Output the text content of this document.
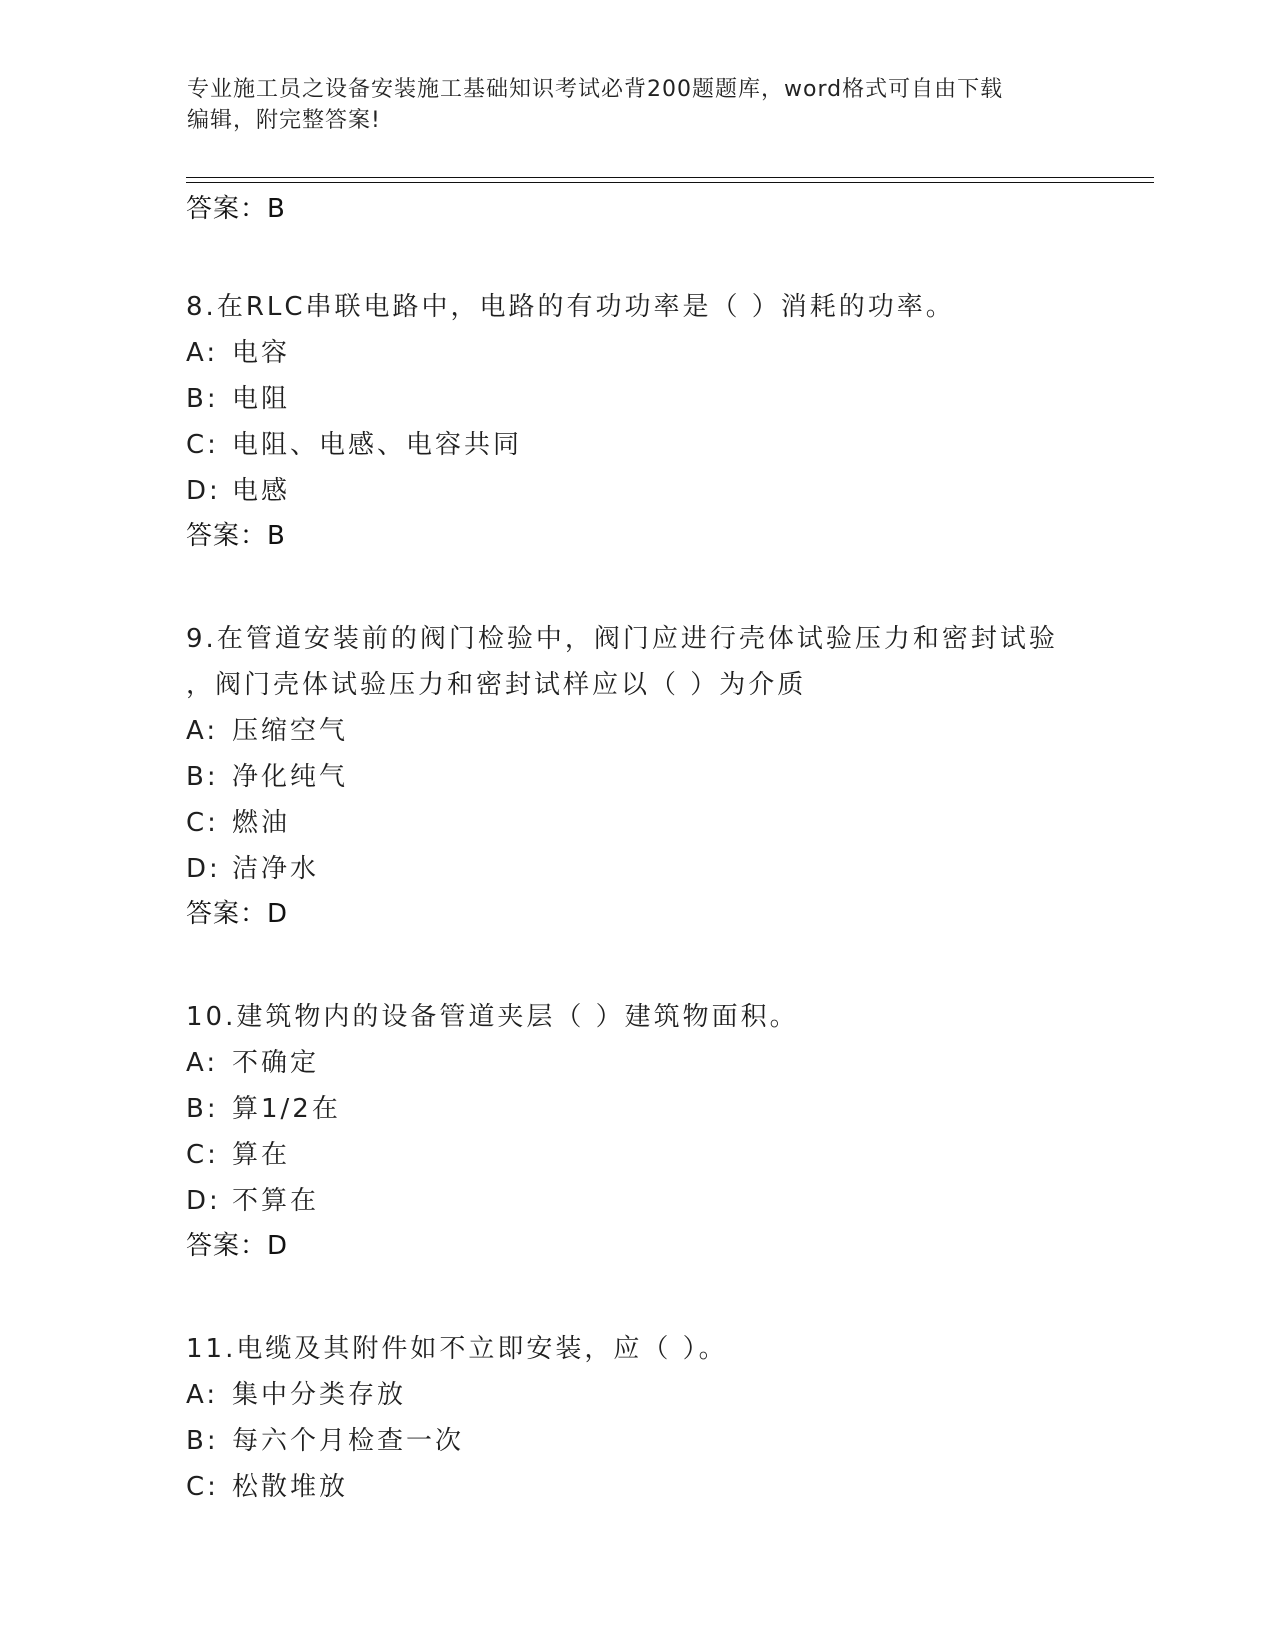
专业施工员之设备安装施工基础知识考试必背200题题库，word格式可自由下载
编辑，附完整答案!

答案：B

8.在RLC串联电路中，电路的有功功率是（ ）消耗的功率。

A: 电容

B: 电阻

C: 电阻、电感、电容共同

D: 电感

答案：B

9.在管道安装前的阀门检验中，阀门应进行壳体试验压力和密封试验

，阀门壳体试验压力和密封试样应以（ ）为介质

A: 压缩空气

B: 净化纯气

C: 燃油

D: 洁净水

答案：D

10.建筑物内的设备管道夹层（ ）建筑物面积。

A: 不确定

B: 算1/2在

C: 算在

D: 不算在

答案：D

11.电缆及其附件如不立即安装，应（ ）。

A: 集中分类存放

B: 每六个月检查一次

C: 松散堆放
